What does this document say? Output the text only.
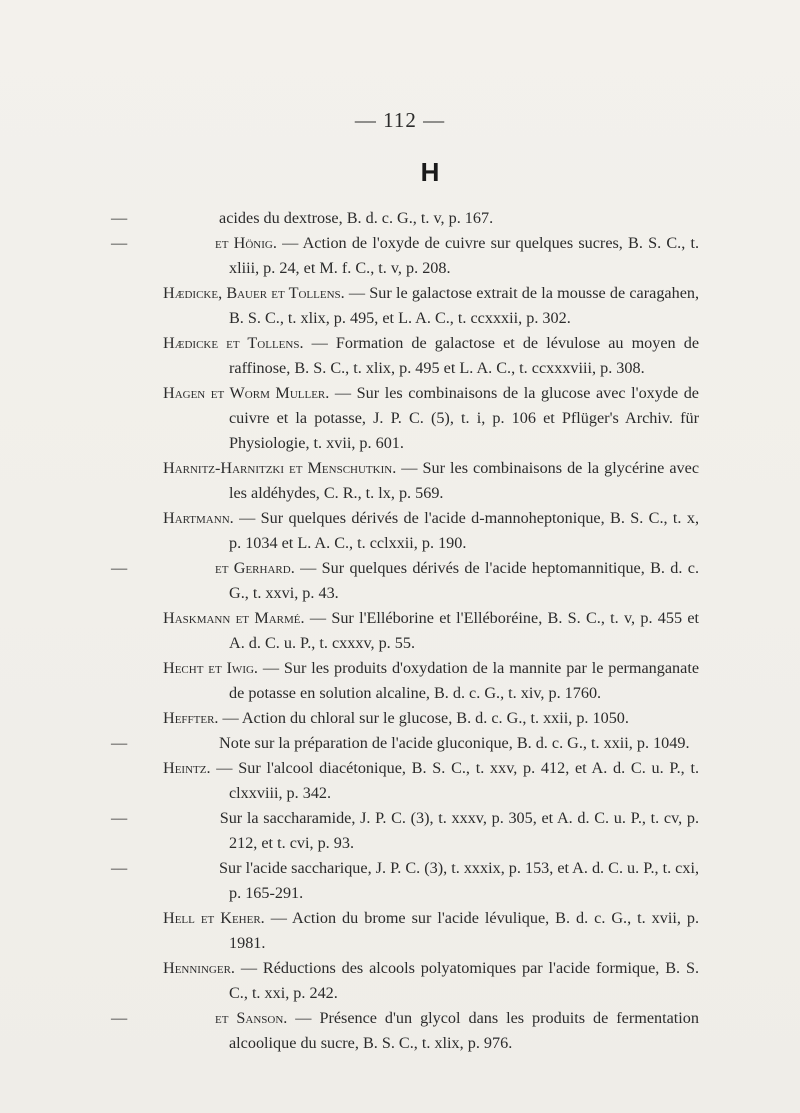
— 112 —
H
—	acides du dextrose, B. d. c. G., t. v, p. 167.
—	et Hönig. — Action de l'oxyde de cuivre sur quelques sucres, B. S. C., t. xliii, p. 24, et M. f. C., t. v, p. 208.
Hædicke, Bauer et Tollens. — Sur le galactose extrait de la mousse de caragahen, B. S. C., t. xlix, p. 495, et L. A. C., t. ccxxxii, p. 302.
Hædicke et Tollens. — Formation de galactose et de lévulose au moyen de raffinose, B. S. C., t. xlix, p. 495 et L. A. C., t. ccxxxviii, p. 308.
Hagen et Worm Muller. — Sur les combinaisons de la glucose avec l'oxyde de cuivre et la potasse, J. P. C. (5), t. i, p. 106 et Pflüger's Archiv. für Physiologie, t. xvii, p. 601.
Harnitz-Harnitzki et Menschutkin. — Sur les combinaisons de la glycérine avec les aldéhydes, C. R., t. lx, p. 569.
Hartmann. — Sur quelques dérivés de l'acide d-mannoheptonique, B. S. C., t. x, p. 1034 et L. A. C., t. cclxxii, p. 190.
—	et Gerhard. — Sur quelques dérivés de l'acide heptomannitique, B. d. c. G., t. xxvi, p. 43.
Haskmann et Marmé. — Sur l'Elléborine et l'Elléboréine, B. S. C., t. v, p. 455 et A. d. C. u. P., t. cxxxv, p. 55.
Hecht et Iwig. — Sur les produits d'oxydation de la mannite par le permanganate de potasse en solution alcaline, B. d. c. G., t. xiv, p. 1760.
Heffter. — Action du chloral sur le glucose, B. d. c. G., t. xxii, p. 1050.
—	Note sur la préparation de l'acide gluconique, B. d. c. G., t. xxii, p. 1049.
Heintz. — Sur l'alcool diacétonique, B. S. C., t. xxv, p. 412, et A. d. C. u. P., t. clxxviii, p. 342.
—	Sur la saccharamide, J. P. C. (3), t. xxxv, p. 305, et A. d. C. u. P., t. cv, p. 212, et t. cvi, p. 93.
—	Sur l'acide saccharique, J. P. C. (3), t. xxxix, p. 153, et A. d. C. u. P., t. cxi, p. 165-291.
Hell et Keher. — Action du brome sur l'acide lévulique, B. d. c. G., t. xvii, p. 1981.
Henninger. — Réductions des alcools polyatomiques par l'acide formique, B. S. C., t. xxi, p. 242.
—	et Sanson. — Présence d'un glycol dans les produits de fermentation alcoolique du sucre, B. S. C., t. xlix, p. 976.
